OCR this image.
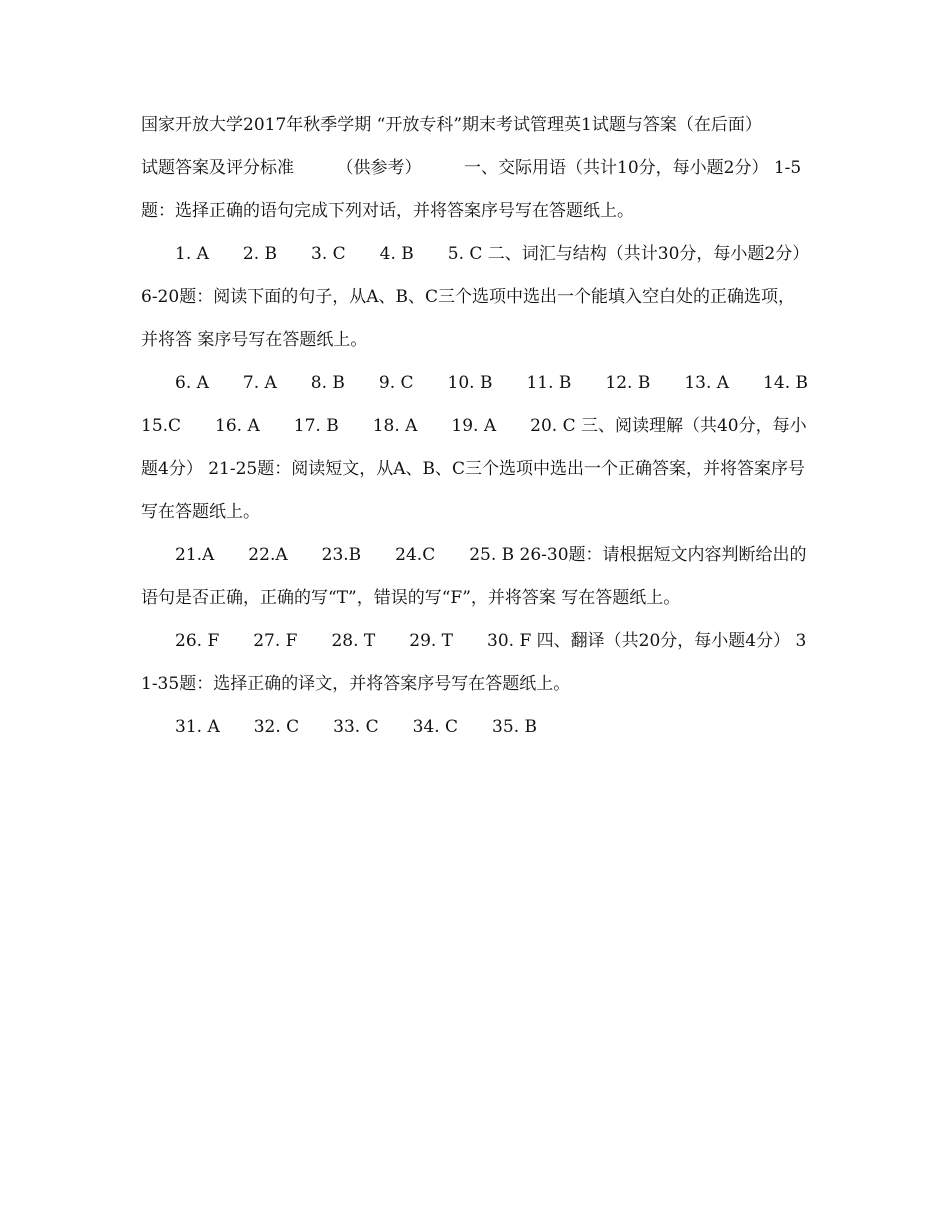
国家开放大学2017年秋季学期 “开放专科”期末考试管理英1试题与答案（在后面）　　　　试题答案及评分标准　　　（供参考）　　　一、交际用语（共计10分，每小题2分） 1-5题：选择正确的语句完成下列对话，并将答案序号写在答题纸上。

1. A　　2. B　　3. C　　4. B　　5. C 二、词汇与结构（共计30分，每小题2分） 6-20题：阅读下面的句子，从A、B、C三个选项中选出一个能填入空白处的正确选项，并将答 案序号写在答题纸上。

6. A　　7. A　　8. B　　9. C　　10. B　　11. B　　12. B　　13. A　　14. B15.C　　16. A　　17. B　　18. A　　19. A　　20. C 三、阅读理解（共40分，每小题4分） 21-25题：阅读短文，从A、B、C三个选项中选出一个正确答案，并将答案序号写在答题纸上。

21.A　　22.A　　23.B　　24.C　　25. B 26-30题：请根据短文内容判断给出的语句是否正确，正确的写“T”，错误的写“F”，并将答案 写在答题纸上。

26. F　　27. F　　28. T　　29. T　　30. F 四、翻译（共20分，每小题4分） 31-35题：选择正确的译文，并将答案序号写在答题纸上。

31. A　　32. C　　33. C　　34. C　　35. B
